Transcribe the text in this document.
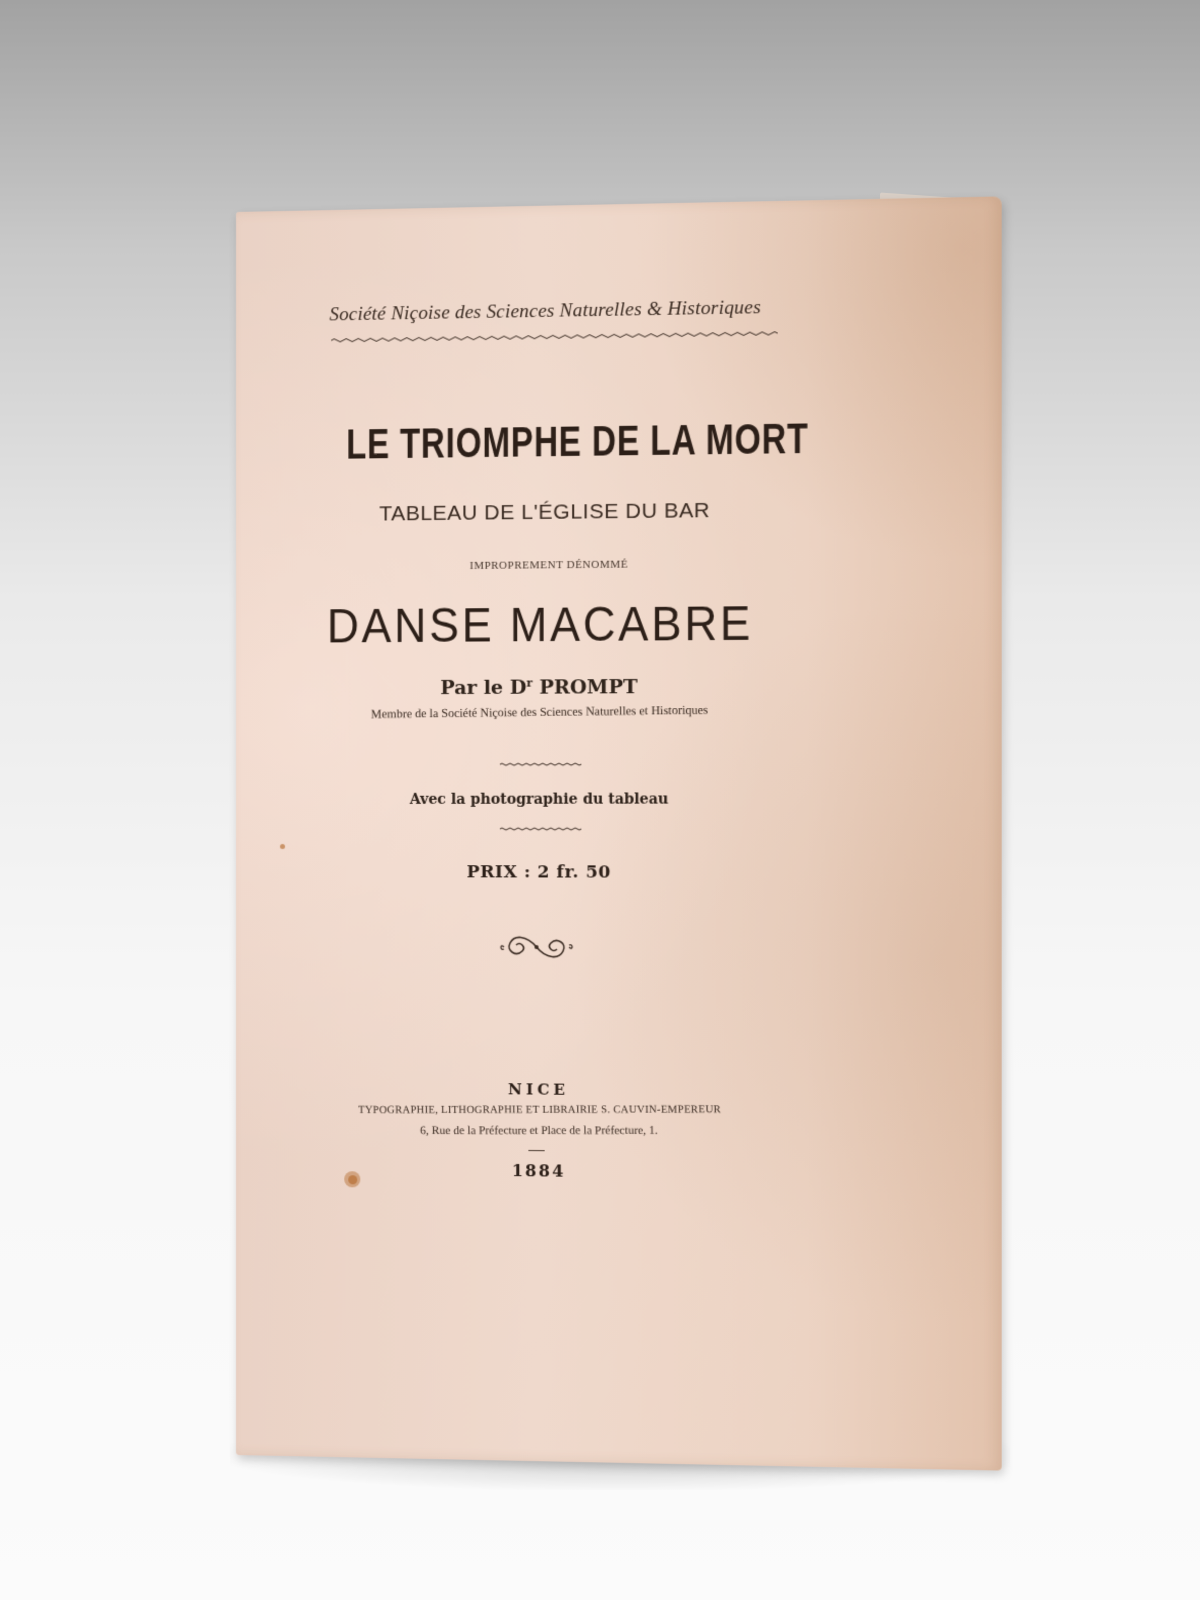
Société Niçoise des Sciences Naturelles & Historiques
LE TRIOMPHE DE LA MORT
TABLEAU DE L'ÉGLISE DU BAR
IMPROPREMENT DÉNOMMÉ
DANSE MACABRE
Par le $D^r$ PROMPT
Membre de la Société Niçoise des Sciences Naturelles et Historiques
Avec la photographie du tableau
PRIX : 2 fr. 50
NICE
TYPOGRAPHIE, LITHOGRAPHIE ET LIBRAIRIE S. CAUVIN-EMPEREUR
6, Rue de la Préfecture et Place de la Préfecture, 1.
1884
